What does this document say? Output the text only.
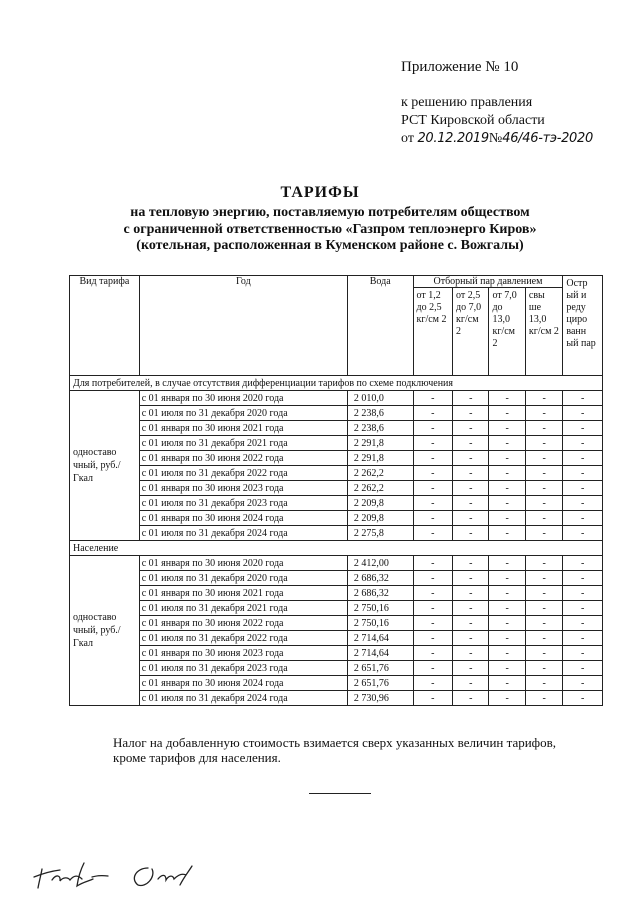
Приложение № 10
к решению правления
РСТ Кировской области
от 20.12.2019№46/46-тэ-2020
ТАРИФЫ
на тепловую энергию, поставляемую потребителям обществом
с ограниченной ответственностью «Газпром теплоэнерго Киров»
(котельная, расположенная в Куменском районе с. Вожгалы)
Вид тарифа	Год	Вода	Отборный пар давлением				Остр ый и реду циро ванн ый пар
			от 1,2 до 2,5 кг/см 2	от 2,5 до 7,0 кг/см 2	от 7,0 до 13,0 кг/см 2	свы ше 13,0 кг/см 2	
Для потребителей, в случае отсутствия дифференциации тарифов по схеме подключения							
одноставо чный, руб./Гкал	с 01 января по 30 июня 2020 года	2 010,0	-	-	-	-	-
	с 01 июля по 31 декабря 2020 года	2 238,6	-	-	-	-	-
	с 01 января по 30 июня 2021 года	2 238,6	-	-	-	-	-
	с 01 июля по 31 декабря 2021 года	2 291,8	-	-	-	-	-
	с 01 января по 30 июня 2022 года	2 291,8	-	-	-	-	-
	с 01 июля по 31 декабря 2022 года	2 262,2	-	-	-	-	-
	с 01 января по 30 июня 2023 года	2 262,2	-	-	-	-	-
	с 01 июля по 31 декабря 2023 года	2 209,8	-	-	-	-	-
	с 01 января по 30 июня 2024 года	2 209,8	-	-	-	-	-
	с 01 июля по 31 декабря 2024 года	2 275,8	-	-	-	-	-
Население							
одноставо чный, руб./Гкал	с 01 января по 30 июня 2020 года	2 412,00	-	-	-	-	-
	с 01 июля по 31 декабря 2020 года	2 686,32	-	-	-	-	-
	с 01 января по 30 июня 2021 года	2 686,32	-	-	-	-	-
	с 01 июля по 31 декабря 2021 года	2 750,16	-	-	-	-	-
	с 01 января по 30 июня 2022 года	2 750,16	-	-	-	-	-
	с 01 июля по 31 декабря 2022 года	2 714,64	-	-	-	-	-
	с 01 января по 30 июня 2023 года	2 714,64	-	-	-	-	-
	с 01 июля по 31 декабря 2023 года	2 651,76	-	-	-	-	-
	с 01 января по 30 июня 2024 года	2 651,76	-	-	-	-	-
	с 01 июля по 31 декабря 2024 года	2 730,96	-	-	-	-	-
Налог на добавленную стоимость взимается сверх указанных величин тарифов,
кроме тарифов для населения.
